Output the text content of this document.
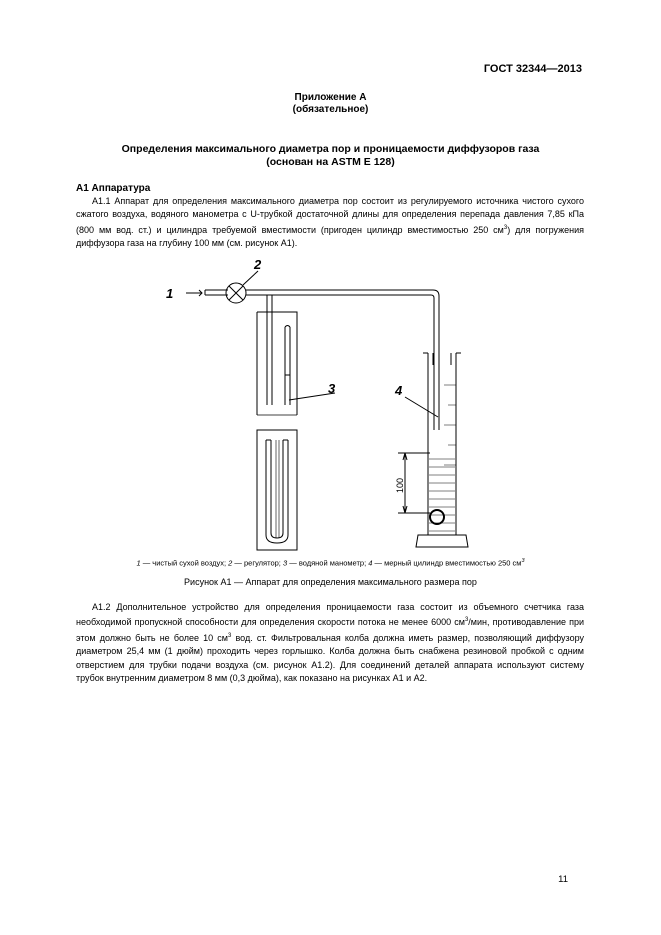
ГОСТ 32344—2013
Приложение А
(обязательное)
Определения максимального диаметра пор и проницаемости диффузоров газа
(основан на ASTM E 128)
А1 Аппаратура
А1.1 Аппарат для определения максимального диаметра пор состоит из регулируемого источника чистого сухого сжатого воздуха, водяного манометра с U-трубкой достаточной длины для определения перепада давления 7,85 кПа (800 мм вод. ст.) и цилиндра требуемой вместимости (пригоден цилиндр вместимостью 250 $см^3$) для погружения диффузора газа на глубину 100 мм (см. рисунок А1).
1
2
3	4
100
1 — чистый сухой воздух; 2 — регулятор; 3 — водяной манометр; 4 — мерный цилиндр вместимостью 250 $см^3$
Рисунок А1 — Аппарат для определения максимального размера пор
А1.2 Дополнительное устройство для определения проницаемости газа состоит из объемного счетчика газа необходимой пропускной способности для определения скорости потока не менее 6000 $см^3$/мин, противодавление при этом должно быть не более 10 $см^3$ вод. ст. Фильтровальная колба должна иметь размер, позволяющий диффузору диаметром 25,4 мм (1 дюйм) проходить через горлышко. Колба должна быть снабжена резиновой пробкой с одним отверстием для трубки подачи воздуха (см. рисунок А1.2). Для соединений деталей аппарата используют систему трубок внутренним диаметром 8 мм (0,3 дюйма), как показано на рисунках А1 и А2.
11
